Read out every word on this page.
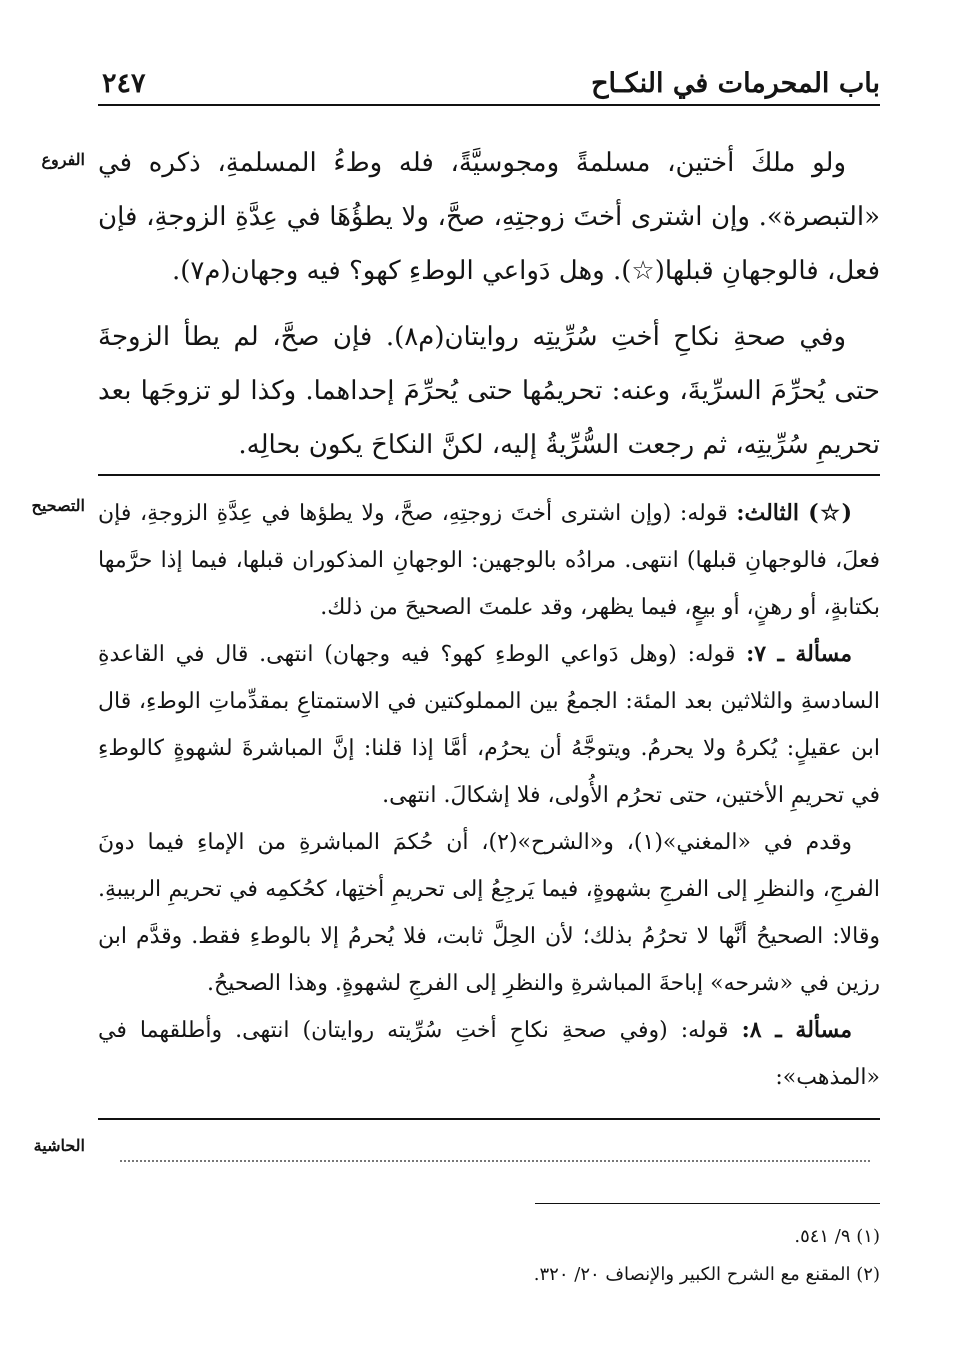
باب المحرمات في النكـاح
٢٤٧
الفروع
التصحيح
الحاشية

ولو ملكَ أختين، مسلمةً ومجوسيَّةً، فله وطءُ المسلمةِ، ذكره في «التبصرة». وإن اشترى أختَ زوجتِهِ، صحَّ، ولا يطؤُهَا في عِدَّةِ الزوجةِ، فإن فعل، فالوجهانِ قبلها(☆). وهل دَواعي الوطءِ كهو؟ فيه وجهان(م٧).

وفي صحةِ نكاحِ أختِ سُرِّيتِه روايتان(م٨). فإن صحَّ، لم يطأ الزوجةَ حتى يُحرِّمَ السرِّيةَ، وعنه: تحريمُها حتى يُحرِّمَ إحداهما. وكذا لو تزوجَها بعد تحريمِ سُرِّيتِه، ثم رجعت السُّرِّيةُ إليه، لكنَّ النكاحَ يكون بحالِه.

(☆) الثالث: قوله: (وإن اشترى أختَ زوجتِهِ، صحَّ، ولا يطؤها في عِدَّةِ الزوجةِ، فإن فعلَ، فالوجهانِ قبلها) انتهى. مرادُه بالوجهين: الوجهانِ المذكوران قبلها، فيما إذا حرَّمها بكتابةٍ، أو رهنٍ، أو بيعٍ، فيما يظهر، وقد علمتَ الصحيحَ من ذلك.

مسألة ـ ٧: قوله: (وهل دَواعي الوطءِ كهو؟ فيه وجهان) انتهى. قال في القاعدةِ السادسةِ والثلاثين بعد المئة: الجمعُ بين المملوكتين في الاستمتاعِ بمقدِّماتِ الوطءِ، قال ابن عقيلٍ: يُكرهُ ولا يحرمُ. ويتوجَّهُ أن يحرُم، أمَّا إذا قلنا: إنَّ المباشرةَ لشهوةٍ كالوطءِ في تحريمِ الأختين، حتى تحرُم الأُولى، فلا إشكالَ. انتهى.

وقدم في «المغني»(١)، و«الشرح»(٢)، أن حُكمَ المباشرةِ من الإماءِ فيما دونَ الفرجِ، والنظرِ إلى الفرجِ بشهوةٍ، فيما يَرجِعُ إلى تحريمِ أختِها، كحُكمِه في تحريمِ الربيبةِ. وقالا: الصحيحُ أنَّها لا تحرُمُ بذلك؛ لأن الحِلَّ ثابت، فلا يُحرمُ إلا بالوطءِ فقط. وقدَّم ابن رزين في «شرحه» إباحةَ المباشرةِ والنظرِ إلى الفرجِ لشهوةٍ. وهذا الصحيحُ.

مسألة ـ ٨: قوله: (وفي صحةِ نكاحِ أختِ سُرِّيته روايتان) انتهى. وأطلقهما في «المذهب»:

(١) ٩/ ٥٤١.

(٢) المقنع مع الشرح الكبير والإنصاف ٢٠/ ٣٢٠.
